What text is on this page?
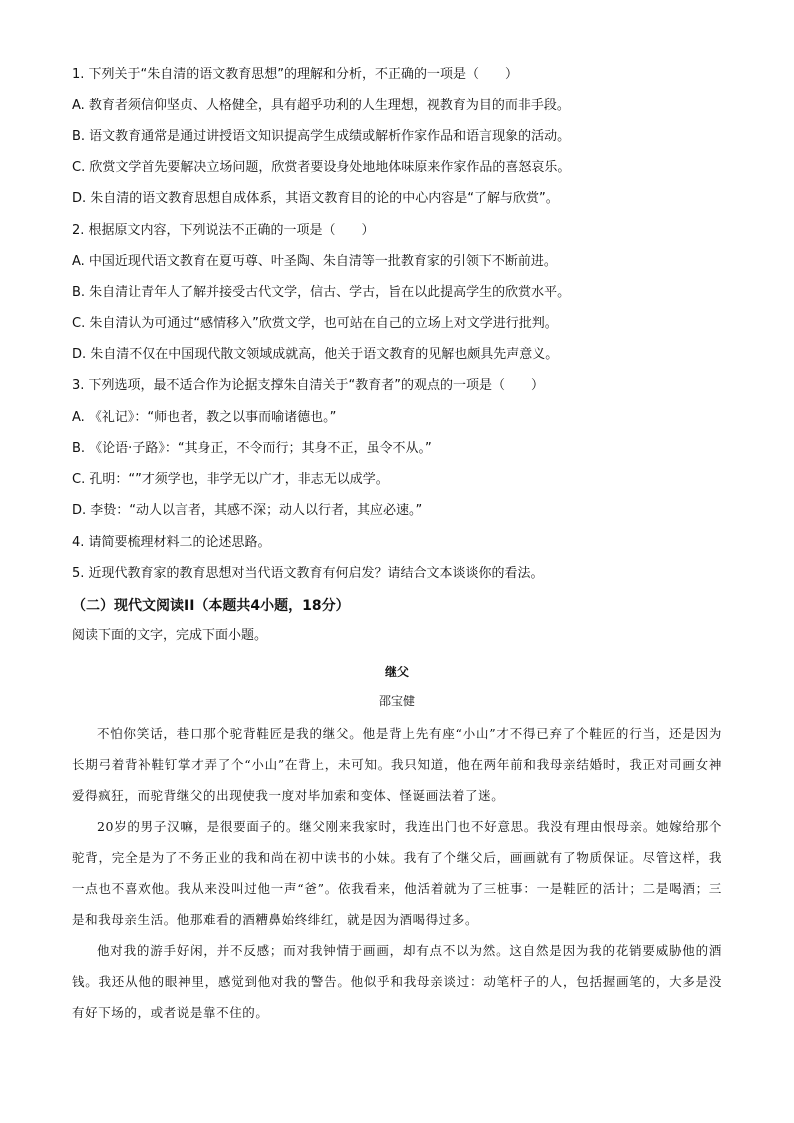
1. 下列关于“朱自清的语文教育思想”的理解和分析，不正确的一项是（　　）
A. 教育者须信仰坚贞、人格健全，具有超乎功利的人生理想，视教育为目的而非手段。
B. 语文教育通常是通过讲授语文知识提高学生成绩或解析作家作品和语言现象的活动。
C. 欣赏文学首先要解决立场问题，欣赏者要设身处地地体味原来作家作品的喜怒哀乐。
D. 朱自清的语文教育思想自成体系，其语文教育目的论的中心内容是“了解与欣赏”。
2. 根据原文内容，下列说法不正确的一项是（　　）
A. 中国近现代语文教育在夏丏尊、叶圣陶、朱自清等一批教育家的引领下不断前进。
B. 朱自清让青年人了解并接受古代文学，信古、学古，旨在以此提高学生的欣赏水平。
C. 朱自清认为可通过“感情移入”欣赏文学，也可站在自己的立场上对文学进行批判。
D. 朱自清不仅在中国现代散文领域成就高，他关于语文教育的见解也颇具先声意义。
3. 下列选项，最不适合作为论据支撑朱自清关于“教育者”的观点的一项是（　　）
A. 《礼记》：“师也者，教之以事而喻诸德也。”
B. 《论语·子路》：“其身正，不令而行；其身不正，虽令不从。”
C. 孔明：“”才须学也，非学无以广才，非志无以成学。
D. 李贽：“动人以言者，其感不深；动人以行者，其应必速。”
4. 请简要梳理材料二的论述思路。
5. 近现代教育家的教育思想对当代语文教育有何启发？请结合文本谈谈你的看法。
（二）现代文阅读II（本题共4小题，18分）
阅读下面的文字，完成下面小题。
继父
邵宝健
不怕你笑话，巷口那个驼背鞋匠是我的继父。他是背上先有座“小山”才不得已弃了个鞋匠的行当，还是因为长期弓着背补鞋钉掌才弄了个“小山”在背上，未可知。我只知道，他在两年前和我母亲结婚时，我正对司画女神爱得疯狂，而驼背继父的出现使我一度对毕加索和变体、怪诞画法着了迷。
20岁的男子汉嘛，是很要面子的。继父刚来我家时，我连出门也不好意思。我没有理由恨母亲。她嫁给那个驼背，完全是为了不务正业的我和尚在初中读书的小妹。我有了个继父后，画画就有了物质保证。尽管这样，我一点也不喜欢他。我从来没叫过他一声“爸”。依我看来，他活着就为了三桩事：一是鞋匠的活计；二是喝酒；三是和我母亲生活。他那难看的酒糟鼻始终绯红，就是因为酒喝得过多。
他对我的游手好闲，并不反感；而对我钟情于画画，却有点不以为然。这自然是因为我的花销要威胁他的酒钱。我还从他的眼神里，感觉到他对我的警告。他似乎和我母亲谈过：动笔杆子的人，包括握画笔的，大多是没有好下场的，或者说是靠不住的。
